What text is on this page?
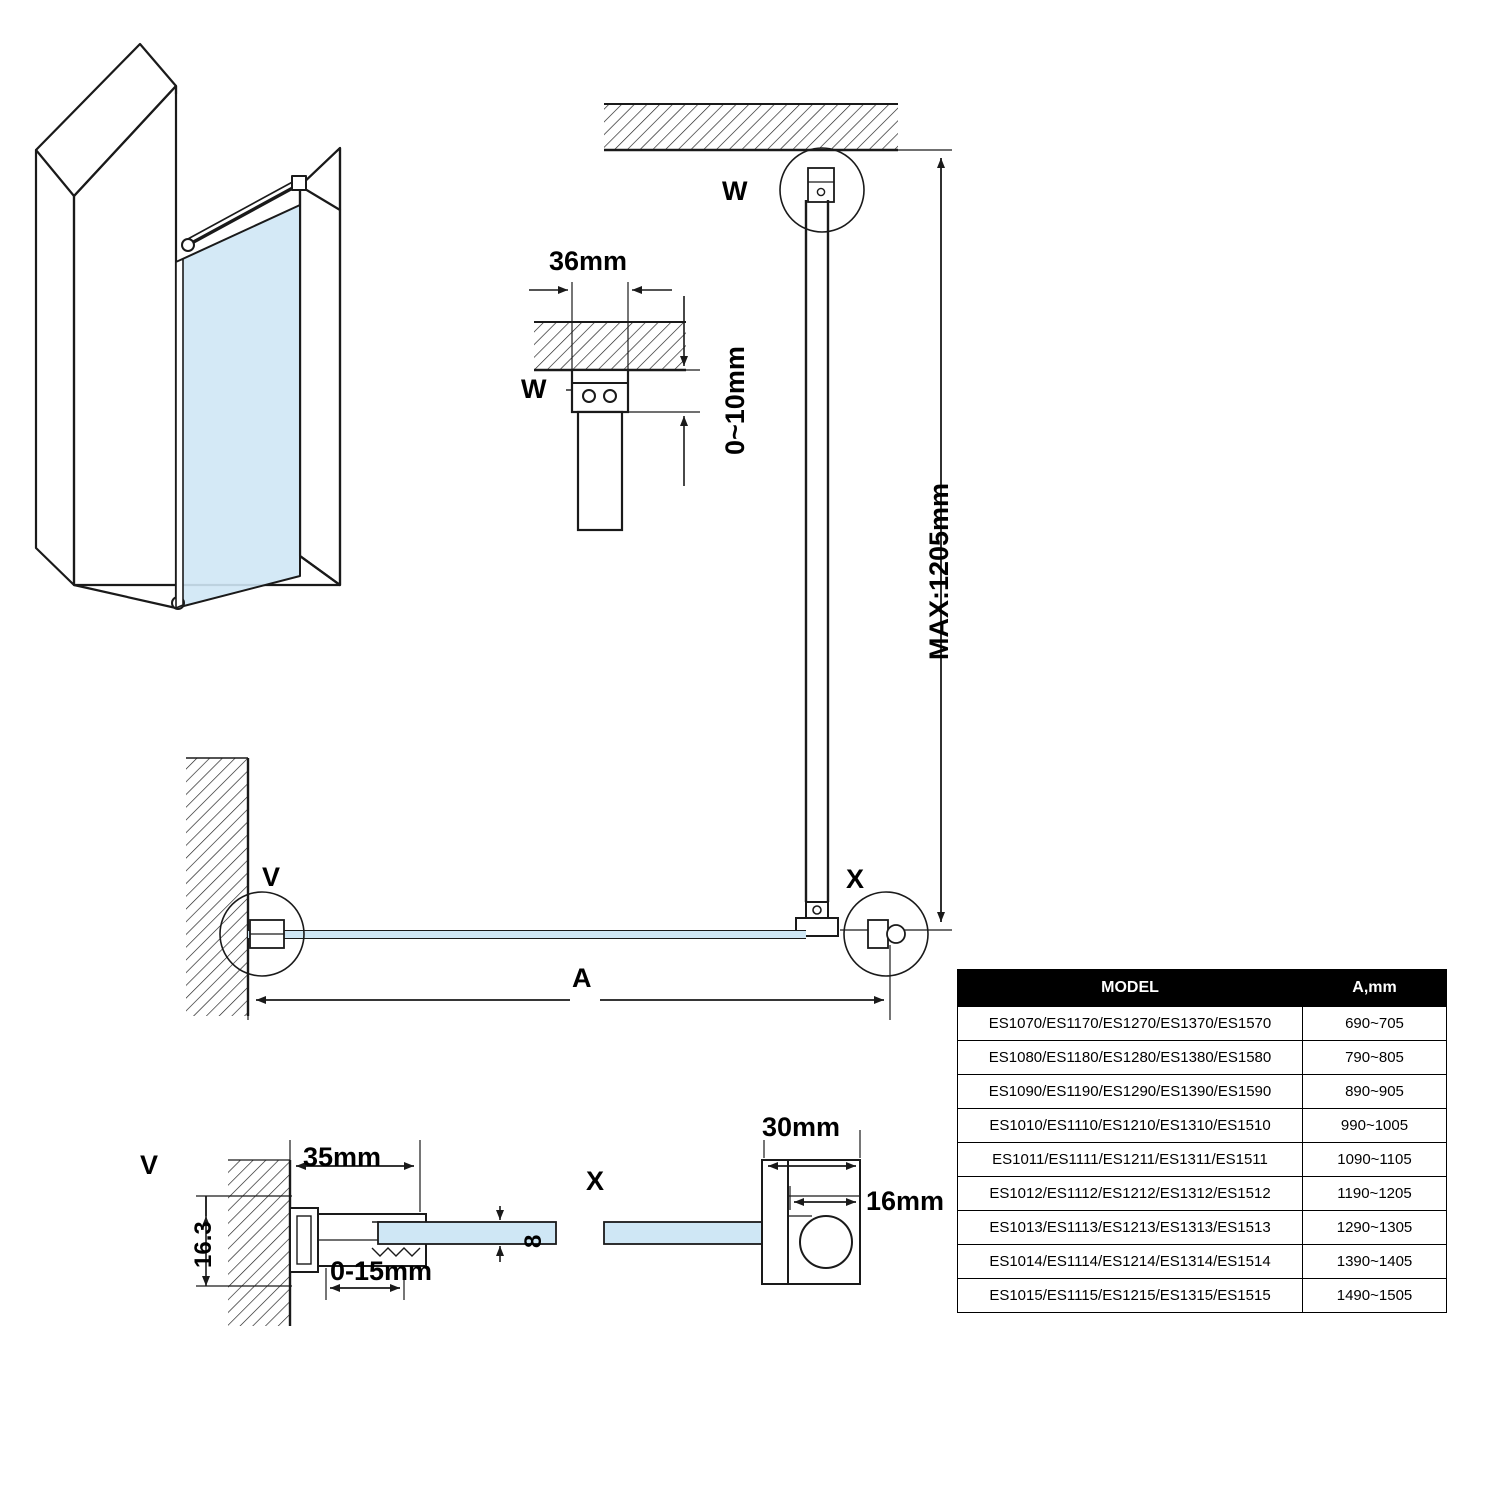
W
W
36mm
0~10mm
MAX:1205mm
V	X
A
V
16.3
35mm
0-15mm
8
X
30mm
16mm
MODEL	A,mm
ES1070/ES1170/ES1270/ES1370/ES1570	690~705
ES1080/ES1180/ES1280/ES1380/ES1580	790~805
ES1090/ES1190/ES1290/ES1390/ES1590	890~905
ES1010/ES1110/ES1210/ES1310/ES1510	990~1005
ES1011/ES1111/ES1211/ES1311/ES1511	1090~1105
ES1012/ES1112/ES1212/ES1312/ES1512	1190~1205
ES1013/ES1113/ES1213/ES1313/ES1513	1290~1305
ES1014/ES1114/ES1214/ES1314/ES1514	1390~1405
ES1015/ES1115/ES1215/ES1315/ES1515	1490~1505
